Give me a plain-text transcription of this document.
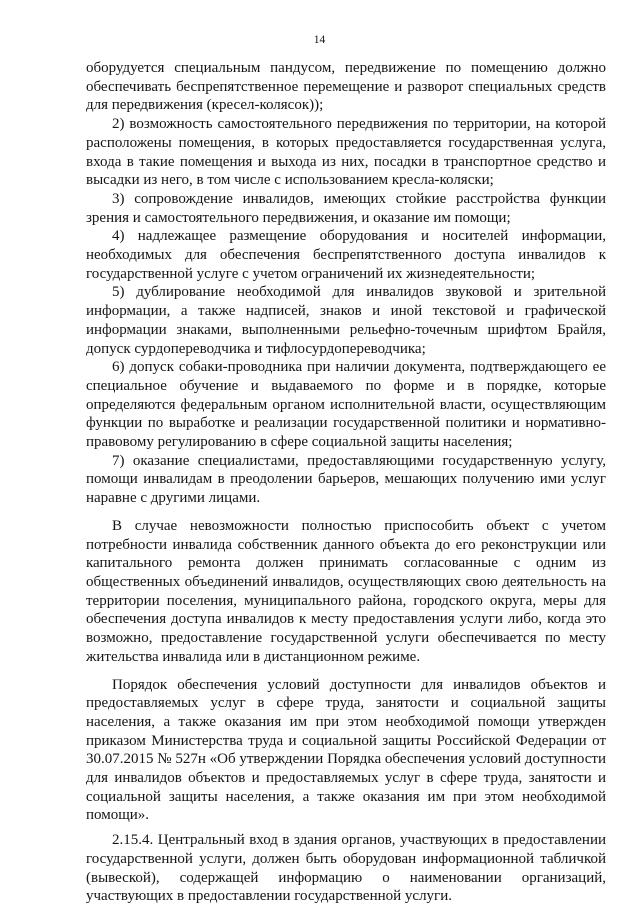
14

оборудуется специальным пандусом, передвижение по помещению должно обеспечивать беспрепятственное перемещение и разворот специальных средств для передвижения (кресел-колясок));

2) возможность самостоятельного передвижения по территории, на которой расположены помещения, в которых предоставляется государственная услуга, входа в такие помещения и выхода из них, посадки в транспортное средство и высадки из него, в том числе с использованием кресла-коляски;

3) сопровождение инвалидов, имеющих стойкие расстройства функции зрения и самостоятельного передвижения, и оказание им помощи;

4) надлежащее размещение оборудования и носителей информации, необходимых для обеспечения беспрепятственного доступа инвалидов к государственной услуге с учетом ограничений их жизнедеятельности;

5) дублирование необходимой для инвалидов звуковой и зрительной информации, а также надписей, знаков и иной текстовой и графической информации знаками, выполненными рельефно-точечным шрифтом Брайля, допуск сурдопереводчика и тифлосурдопереводчика;

6) допуск собаки-проводника при наличии документа, подтверждающего ее специальное обучение и выдаваемого по форме и в порядке, которые определяются федеральным органом исполнительной власти, осуществляющим функции по выработке и реализации государственной политики и нормативно-правовому регулированию в сфере социальной защиты населения;

7) оказание специалистами, предоставляющими государственную услугу, помощи инвалидам в преодолении барьеров, мешающих получению ими услуг наравне с другими лицами.

В случае невозможности полностью приспособить объект с учетом потребности инвалида собственник данного объекта до его реконструкции или капитального ремонта должен принимать согласованные с одним из общественных объединений инвалидов, осуществляющих свою деятельность на территории поселения, муниципального района, городского округа, меры для обеспечения доступа инвалидов к месту предоставления услуги либо, когда это возможно, предоставление государственной услуги обеспечивается по месту жительства инвалида или в дистанционном режиме.

Порядок обеспечения условий доступности для инвалидов объектов и предоставляемых услуг в сфере труда, занятости и социальной защиты населения, а также оказания им при этом необходимой помощи утвержден приказом Министерства труда и социальной защиты Российской Федерации от 30.07.2015 № 527н «Об утверждении Порядка обеспечения условий доступности для инвалидов объектов и предоставляемых услуг в сфере труда, занятости и социальной защиты населения, а также оказания им при этом необходимой помощи».

2.15.4. Центральный вход в здания органов, участвующих в предоставлении государственной услуги, должен быть оборудован информационной табличкой (вывеской), содержащей информацию о наименовании организаций, участвующих в предоставлении государственной услуги.
